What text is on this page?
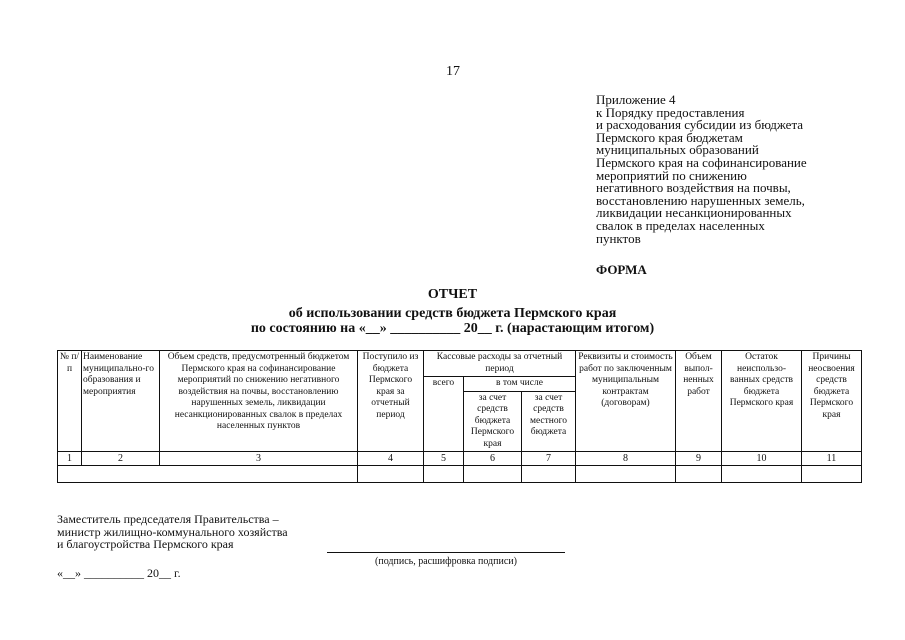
17
Приложение 4
к Порядку предоставления
и расходования субсидии из бюджета
Пермского края бюджетам
муниципальных образований
Пермского края на софинансирование
мероприятий по снижению
негативного воздействия на почвы,
восстановлению нарушенных земель,
ликвидации несанкционированных
свалок в пределах населенных
пунктов
ФОРМА
ОТЧЕТ
об использовании средств бюджета Пермского края
по состоянию на «__» __________ 20__ г. (нарастающим итогом)
№ п/п	Наименование муниципально-го образования и мероприятия	Объем средств, предусмотренный бюджетом Пермского края на софинансирование мероприятий по снижению негативного воздействия на почвы, восстановлению нарушенных земель, ликвидации несанкционированных свалок в пределах населенных пунктов	Поступило из бюджета Пермского края за отчетный период	Кассовые расходы за отчетный период			Реквизиты и стоимость работ по заключенным муниципальным контрактам (договорам)	Объем выпол-ненных работ	Остаток неиспользо-ванных средств бюджета Пермского края	Причины неосвоения средств бюджета Пермского края
				всего	в том числе					
					за счет средств бюджета Пермского края	за счет средств местного бюджета				
1	2	3	4	5	6	7	8	9	10	11

Заместитель председателя Правительства –
министр жилищно-коммунального хозяйства
и благоустройства Пермского края
(подпись, расшифровка подписи)
«__» __________ 20__ г.
